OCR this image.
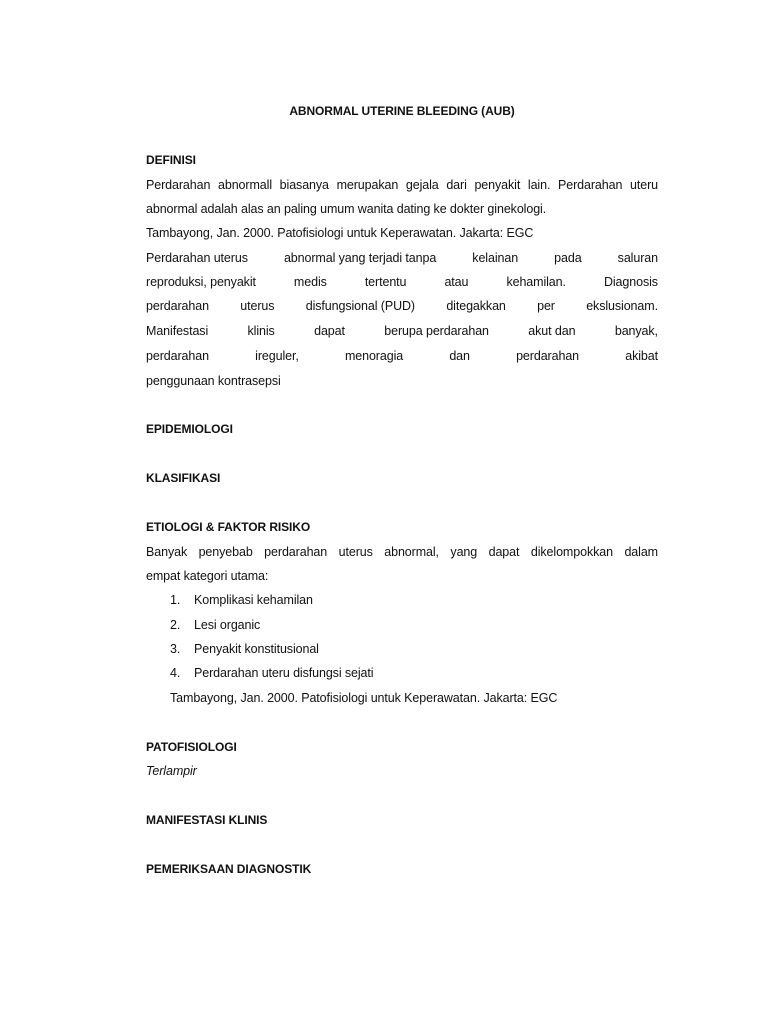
ABNORMAL UTERINE BLEEDING (AUB)
DEFINISI
Perdarahan abnormall biasanya merupakan gejala dari penyakit lain. Perdarahan uteru
abnormal adalah alas an paling umum wanita dating ke dokter ginekologi.
Tambayong, Jan. 2000. Patofisiologi untuk Keperawatan. Jakarta: EGC
Perdarahan uterus	abnormal yang terjadi tanpa	kelainan	pada	saluran
reproduksi, penyakit	medis	tertentu	atau	kehamilan.	Diagnosis
perdarahan	uterus	disfungsional (PUD)	ditegakkan	per	ekslusionam.
Manifestasi	klinis	dapat	berupa perdarahan	akut dan	banyak,
perdarahan	ireguler,	menoragia	dan	perdarahan	akibat
penggunaan kontrasepsi
EPIDEMIOLOGI
KLASIFIKASI
ETIOLOGI & FAKTOR RISIKO
Banyak penyebab perdarahan uterus abnormal, yang dapat dikelompokkan dalam
empat kategori utama:
1. Komplikasi kehamilan
2. Lesi organic
3. Penyakit konstitusional
4. Perdarahan uteru disfungsi sejati
Tambayong, Jan. 2000. Patofisiologi untuk Keperawatan. Jakarta: EGC
PATOFISIOLOGI
Terlampir
MANIFESTASI KLINIS
PEMERIKSAAN DIAGNOSTIK
